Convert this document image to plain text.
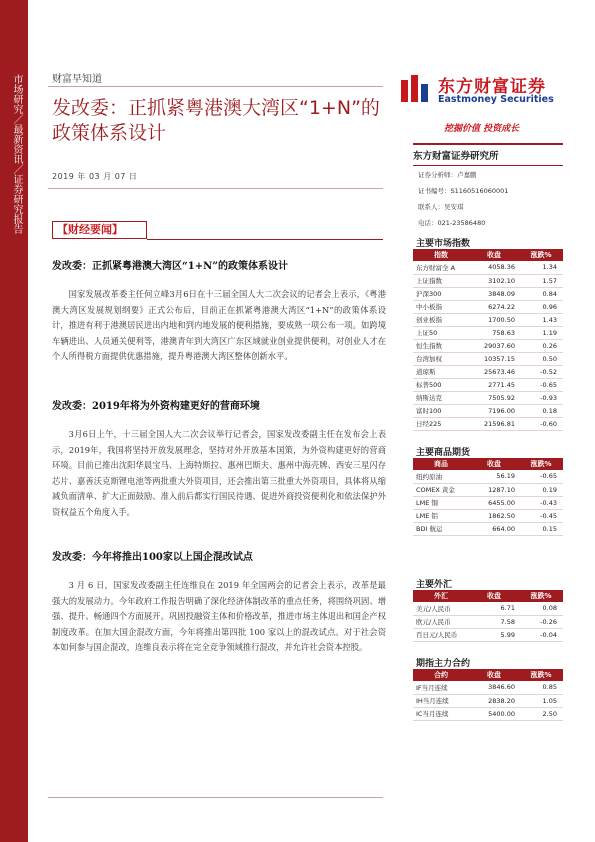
市场研究／最新资讯／证券研究报告	财富早知道
发改委：正抓紧粤港澳大湾区“1+N”的政策体系设计
2019 年 03 月 07 日
东方财富证券
Eastmoney Securities
挖掘价值 投资成长
【财经要闻】
发改委：正抓紧粤港澳大湾区“1+N”的政策体系设计
国家发展改革委主任何立峰3月6日在十三届全国人大二次会议的记者会上表示，《粤港澳大湾区发展规划纲要》正式公布后，目前正在抓紧粤港澳大湾区“1+N”的政策体系设计，推进有利于港澳居民进出内地和到内地发展的便利措施，要成熟一项公布一项。如跨境车辆进出、人员通关便利等，港澳青年到大湾区广东区域就业创业提供便利，对创业人才在个人所得税方面提供优惠措施，提升粤港澳大湾区整体创新水平。
发改委：2019年将为外资构建更好的营商环境
3月6日上午，十三届全国人大二次会议举行记者会，国家发改委副主任在发布会上表示，2019年，我国将坚持开放发展理念，坚持对外开放基本国策，为外资构建更好的营商环境。目前已推出沈阳华晨宝马、上海特斯拉、惠州巴斯夫、惠州中海壳牌、西安三星闪存芯片、嘉善沃克斯锂电池等两批重大外资项目，还会推出第三批重大外资项目，具体将从缩减负面清单、扩大正面鼓励、准入前后都实行国民待遇、促进外商投资便利化和依法保护外资权益五个角度入手。
发改委：今年将推出100家以上国企混改试点
3 月 6 日，国家发改委副主任连维良在 2019 年全国两会的记者会上表示，改革是最强大的发展动力。今年政府工作报告明确了深化经济体制改革的重点任务，将围绕巩固、增强、提升、畅通四个方面展开。巩固投融资主体和价格改革，推进市场主体退出和国企产权制度改革。在加大国企混改方面，今年将推出第四批 100 家以上的混改试点。对于社会资本如何参与国企混改，连维良表示将在完全竞争领域推行混改，并允许社会资本控股。
东方财富证券研究所
证券分析师：卢嘉鹏
证书编号：S1160516060001
联系人：吴安琪
电话：021-23586480
主要市场指数
指数	收盘	涨跌%
东方财富全 A	4058.36	1.34
上证指数	3102.10	1.57
沪深300	3848.09	0.84
中小板指	6274.22	0.96
创业板指	1700.50	1.43
上证50	758.63	1.19
恒生指数	29037.60	0.26
台湾加权	10357.15	0.50
道琼斯	25673.46	-0.52
标普500	2771.45	-0.65
纳斯达克	7505.92	-0.93
富时100	7196.00	0.18
日经225	21596.81	-0.60
主要商品期货
商品	收盘	涨跌%
纽约原油	56.19	-0.65
COMEX 黄金	1287.10	0.19
LME 铜	6455.00	-0.43
LME 铝	1862.50	-0.45
BDI 航运	664.00	0.15
主要外汇
外汇	收盘	涨跌%
美元/人民币	6.71	0.08
欧元/人民币	7.58	-0.26
百日元/人民币	5.99	-0.04
期指主力合约
合约	收盘	涨跌%
IF当月连续	3846.60	0.85
IH当月连续	2838.20	1.05
IC当月连续	5400.00	2.50
